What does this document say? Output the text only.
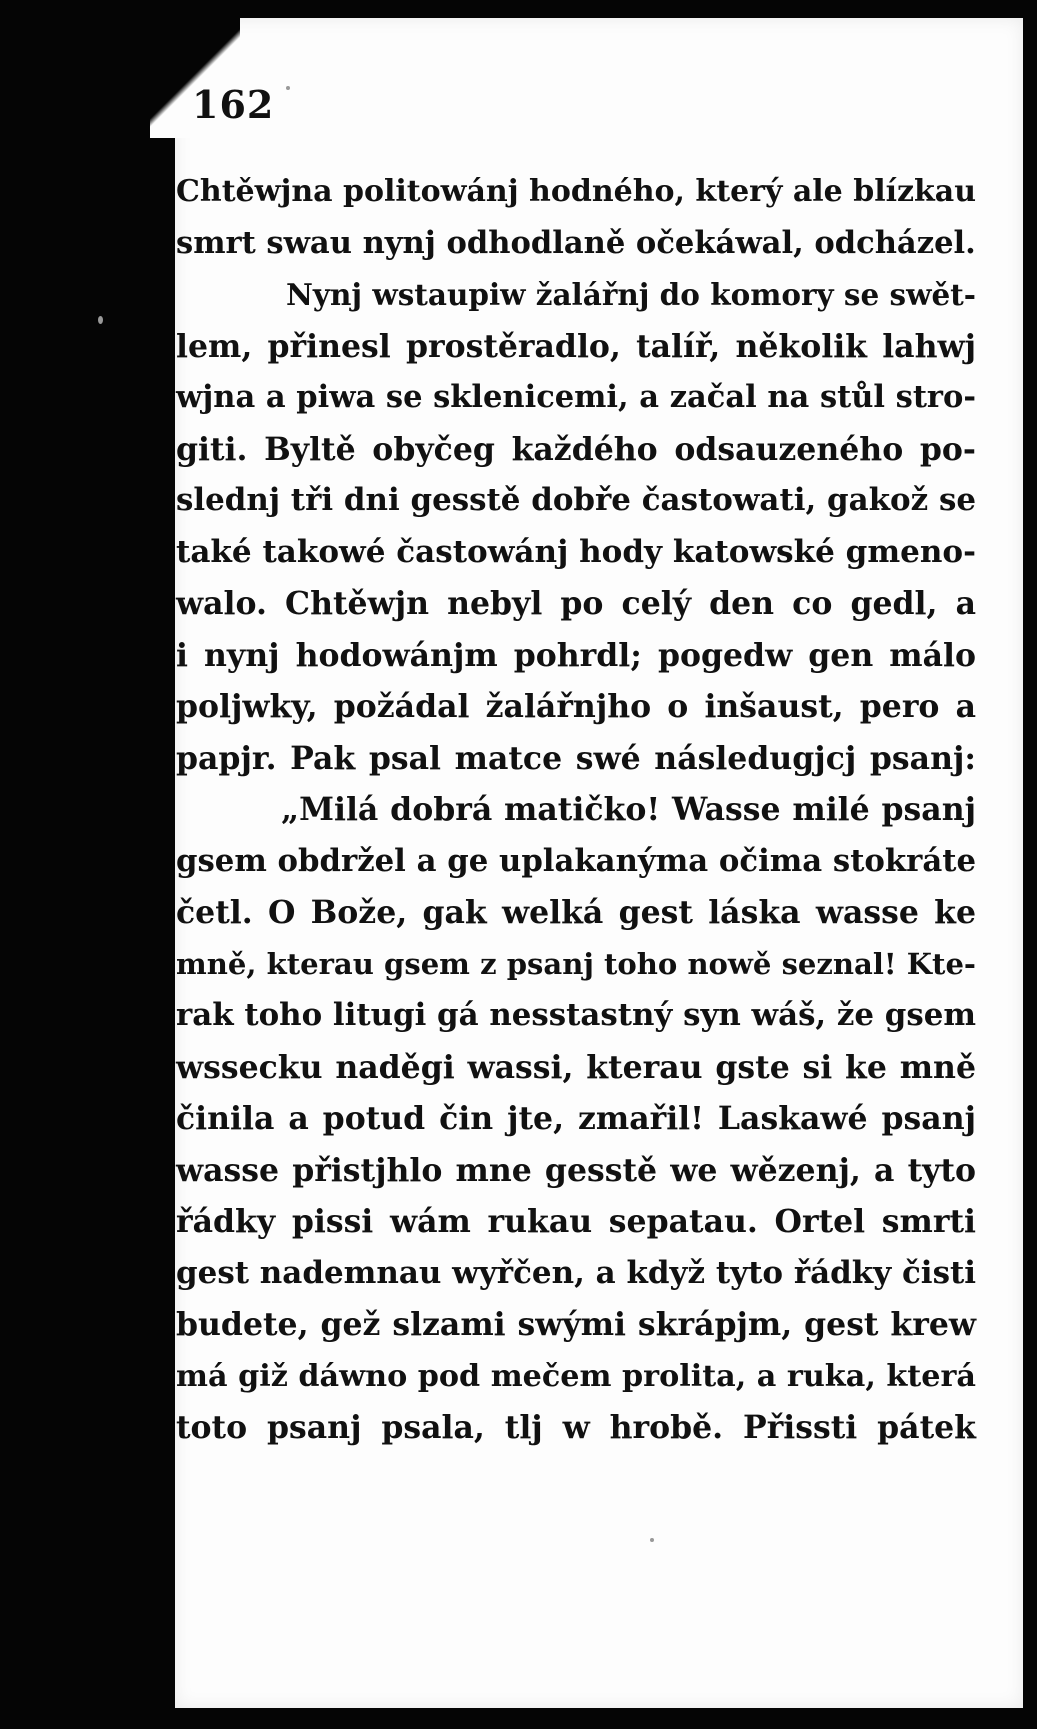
162
Chtěwjna politowánj hodného, který ale blízkau
smrt swau nynj odhodlaně očekáwal, odcházel.
Nynj wstaupiw žalářnj do komory se swět-
lem, přinesl prostěradlo, talíř, několik lahwj
wjna a piwa se sklenicemi, a začal na stůl stro-
giti. Byltě obyčeg každého odsauzeného po-
slednj tři dni gesstě dobře častowati, gakož se
také takowé častowánj hody katowské gmeno-
walo. Chtěwjn nebyl po celý den co gedl, a
i nynj hodowánjm pohrdl; pogedw gen málo
poljwky, požádal žalářnjho o inšaust, pero a
papjr. Pak psal matce swé následugjcj psanj:
„Milá dobrá matičko! Wasse milé psanj
gsem obdržel a ge uplakanýma očima stokráte
četl. O Bože, gak welká gest láska wasse ke
mně, kterau gsem z psanj toho nowě seznal! Kte-
rak toho litugi gá nesstastný syn wáš, že gsem
wssecku naděgi wassi, kterau gste si ke mně
činila a potud čin jte, zmařil! Laskawé psanj
wasse přistjhlo mne gesstě we wězenj, a tyto
řádky pissi wám rukau sepatau. Ortel smrti
gest nademnau wyřčen, a když tyto řádky čisti
budete, gež slzami swými skrápjm, gest krew
má giž dáwno pod mečem prolita, a ruka, která
toto psanj psala, tlj w hrobě. Přissti pátek
